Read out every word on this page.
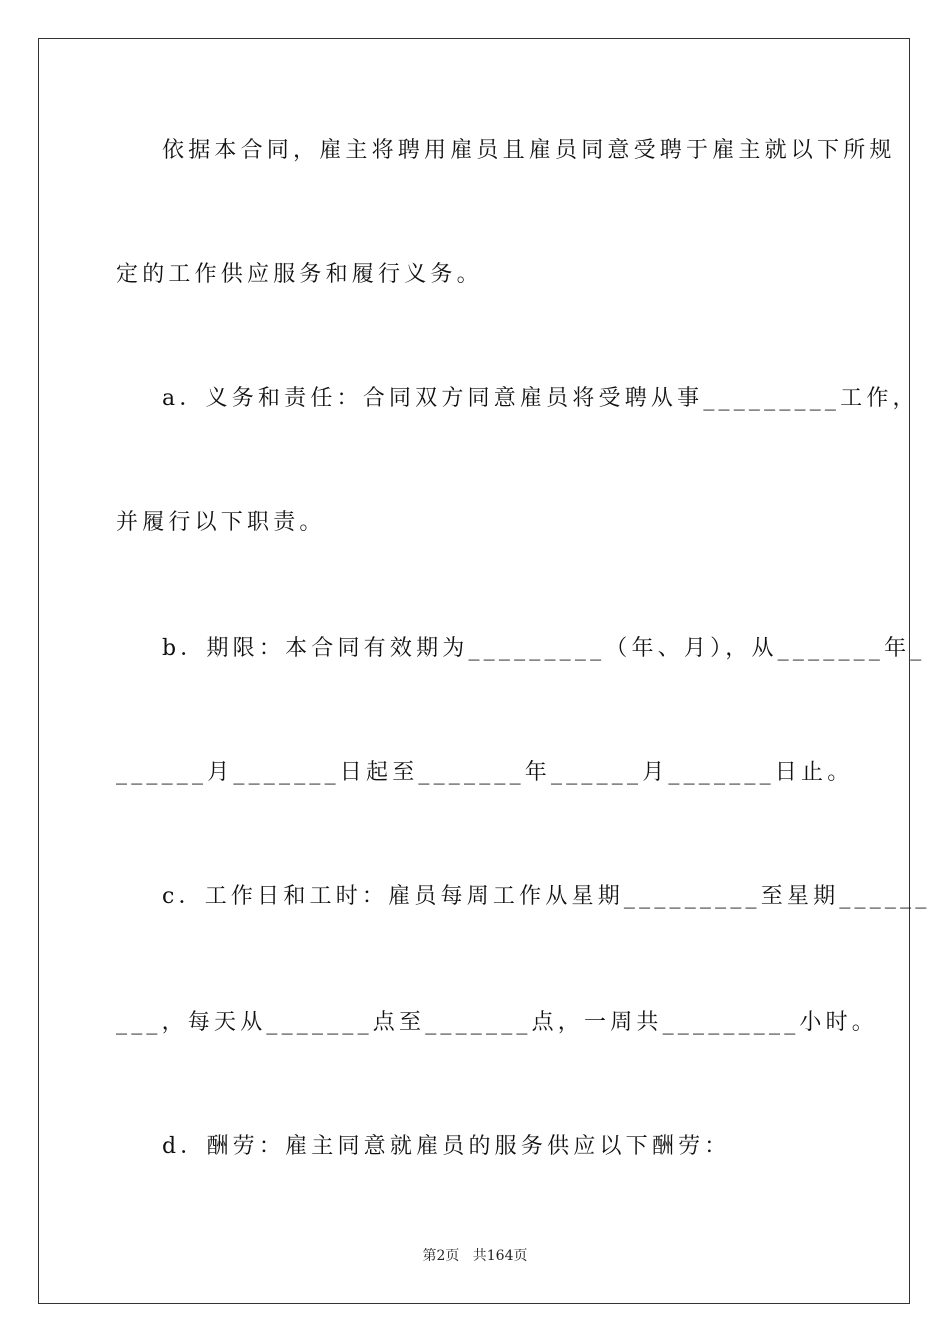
依据本合同，雇主将聘用雇员且雇员同意受聘于雇主就以下所规
定的工作供应服务和履行义务。
a．义务和责任：合同双方同意雇员将受聘从事_________工作，
并履行以下职责。
b．期限：本合同有效期为_________（年、月），从_______年_
______月_______日起至_______年______月_______日止。
c．工作日和工时：雇员每周工作从星期_________至星期______
___，每天从_______点至_______点，一周共_________小时。
d．酬劳：雇主同意就雇员的服务供应以下酬劳：
第2页   共164页
